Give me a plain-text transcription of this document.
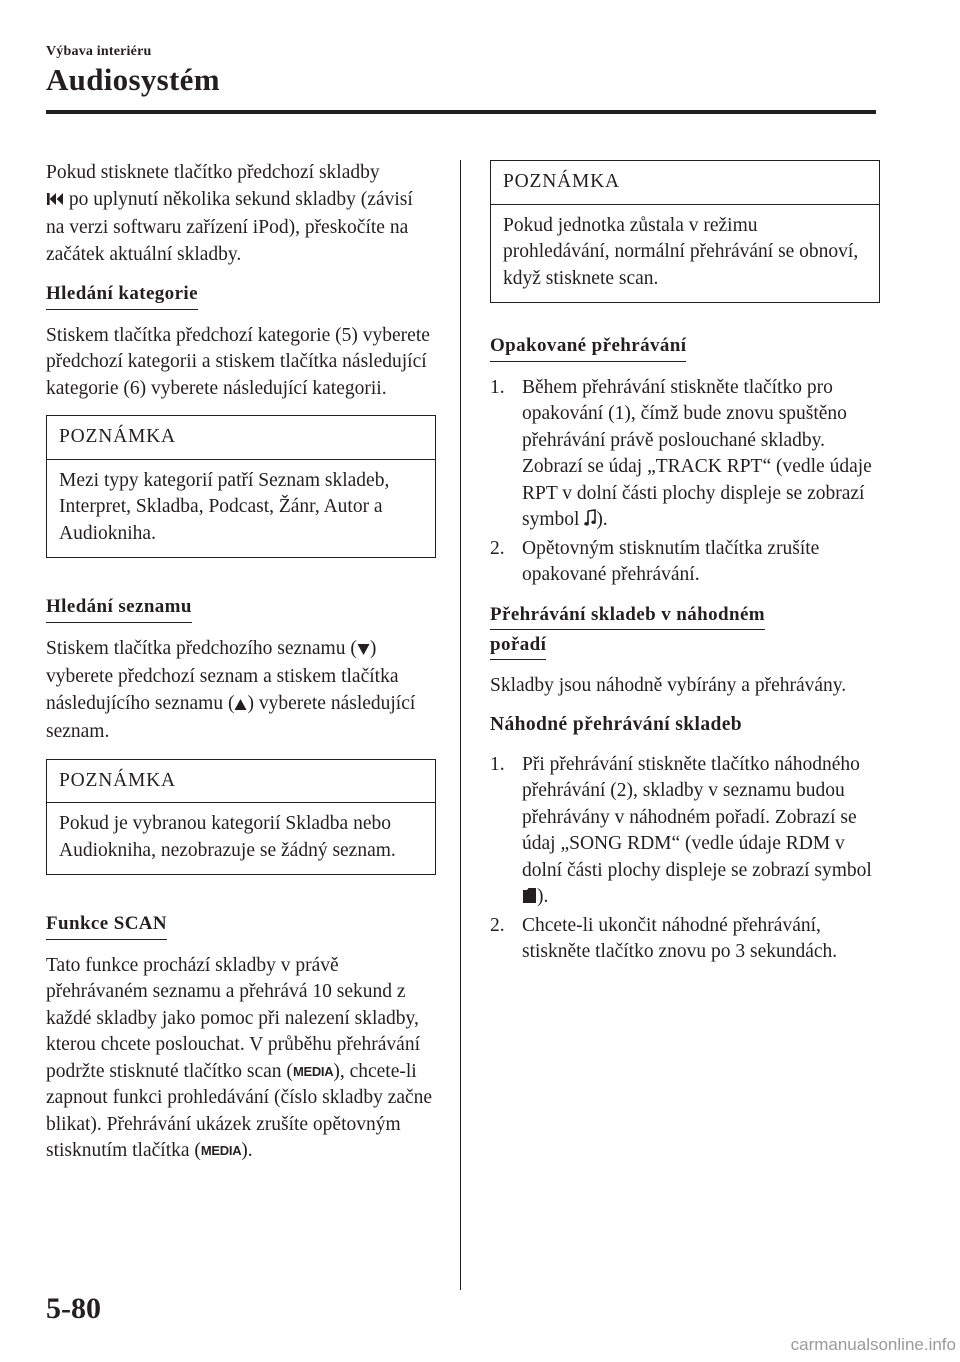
Výbava interiéru
Audiosystém

Pokud stisknete tlačítko předchozí skladby
po uplynutí několika sekund skladby (závisí na verzi softwaru zařízení iPod), přeskočíte na začátek aktuální skladby.

Hledání kategorie

Stiskem tlačítka předchozí kategorie (5) vyberete předchozí kategorii a stiskem tlačítka následující kategorie (6) vyberete následující kategorii.

POZNÁMKA
Mezi typy kategorií patří Seznam skladeb, Interpret, Skladba, Podcast, Žánr, Autor a Audiokniha.
Hledání seznamu

Stiskem tlačítka předchozího seznamu ( ) vyberete předchozí seznam a stiskem tlačítka následujícího seznamu ( ) vyberete následující seznam.

POZNÁMKA
Pokud je vybranou kategorií Skladba nebo Audiokniha, nezobrazuje se žádný seznam.
Funkce SCAN

Tato funkce prochází skladby v právě přehrávaném seznamu a přehrává 10 sekund z každé skladby jako pomoc při nalezení skladby, kterou chcete poslouchat. V průběhu přehrávání podržte stisknuté tlačítko scan (MEDIA), chcete-li zapnout funkci prohledávání (číslo skladby začne blikat). Přehrávání ukázek zrušíte opětovným stisknutím tlačítka (MEDIA).

POZNÁMKA
Pokud jednotka zůstala v režimu prohledávání, normální přehrávání se obnoví, když stisknete scan.
Opakované přehrávání
1. Během přehrávání stiskněte tlačítko pro opakování (1), čímž bude znovu spuštěno přehrávání právě poslouchané skladby. Zobrazí se údaj „TRACK RPT“ (vedle údaje RPT v dolní části plochy displeje se zobrazí symbol ).
2. Opětovným stisknutím tlačítka zrušíte opakované přehrávání.
Přehrávání skladeb v náhodném
pořadí

Skladby jsou náhodně vybírány a přehrávány.

Náhodné přehrávání skladeb

1. Při přehrávání stiskněte tlačítko náhodného přehrávání (2), skladby v seznamu budou přehrávány v náhodném pořadí. Zobrazí se údaj „SONG RDM“ (vedle údaje RDM v dolní části plochy displeje se zobrazí symbol ).
2. Chcete-li ukončit náhodné přehrávání, stiskněte tlačítko znovu po 3 sekundách.
5-80
carmanualsonline.info
